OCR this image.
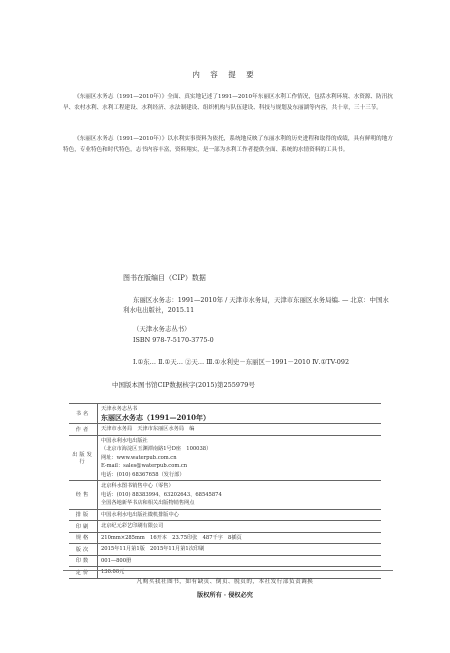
内 容 提 要
《东丽区水务志（1991—2010年）》全面、真实地记述了1991—2010年东丽区水利工作情况，包括水利环境、水资源、防汛抗旱、农村水利、水利工程建设、水利经济、水法制建设、组织机构与队伍建设、科技与规划及东丽湖等内容，共十章，三十三节。
《东丽区水务志（1991—2010年）》以水利实事资料为依托，系统地反映了东丽水利的历史进程和取得的成绩，具有鲜明的地方特色，专业特色和时代特色，志书内容丰富，资料翔实，是一部为水利工作者提供全面、系统的水情资料的工具书。
图书在版编目（CIP）数据
东丽区水务志：1991—2010年 / 天津市水务局，天津市东丽区水务局编. — 北京：中国水利水电出版社，2015.11
（天津水务志丛书）
ISBN 978-7-5170-3775-0
Ⅰ.①东… Ⅱ.①天… ②天… Ⅲ.①水利史－东丽区－1991－2010 Ⅳ.①TV-092
中国版本图书馆CIP数据核字(2015)第255979号
书名	天津水务志丛书
东丽区水务志（1991—2010年）

作者	天津市水务局　天津市东丽区水务局　编

出版发行	中国水利水电出版社
（北京市海淀区玉渊潭南路1号D座　100038）
网址：www.waterpub.com.cn
E-mail：sales@waterpub.com.cn
电话：(010) 68367658（发行部）

经售	北京科水图书销售中心（零售）
电话：(010) 88383994、63202643、68545874
全国各地新华书店和相关出版物销售网点

排版	中国水利水电出版社微机排版中心

印刷	北京纪元彩艺印刷有限公司

规格	210mm×285mm　16开本　23.75印张　487千字　8插页

版次	2015年11月第1版　2015年11月第1次印刷

印数	001—800册

定价	130.00元
凡购买我社图书，如有缺页、倒页、脱页的，本社发行部负责调换
版权所有 · 侵权必究
